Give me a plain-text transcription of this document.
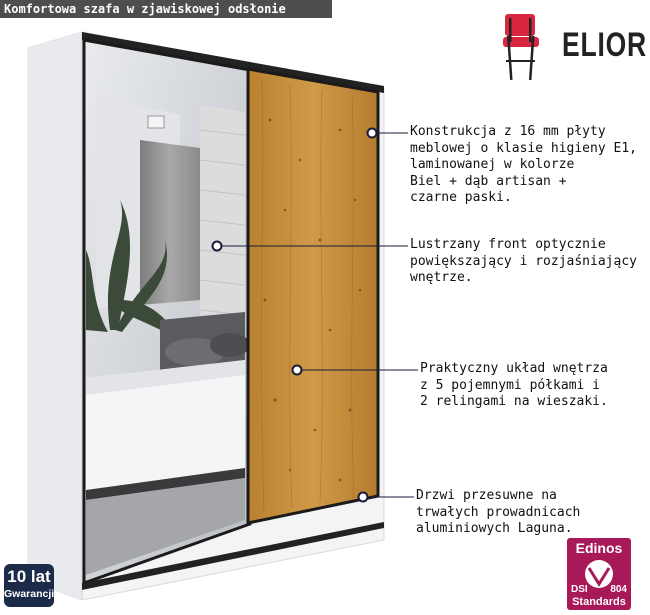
Komfortowa szafa w zjawiskowej odsłonie
ELIOR
Konstrukcja z 16 mm płyty
meblowej o klasie higieny E1,
laminowanej w kolorze
Biel + dąb artisan +
czarne paski.
Lustrzany front optycznie
powiększający i rozjaśniający
wnętrze.
Praktyczny układ wnętrza
z 5 pojemnymi półkami i
2 relingami na wieszaki.
Drzwi przesuwne na
trwałych prowadnicach
aluminiowych Laguna.
10 lat
Gwarancji
Edinos
DSI 804
Standards
